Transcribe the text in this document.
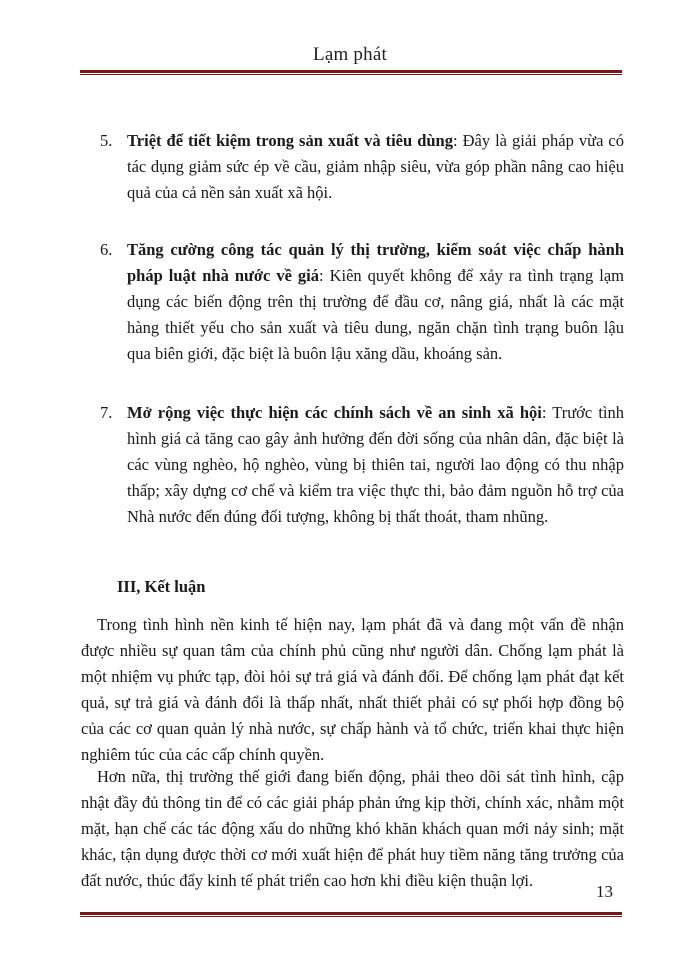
Lạm phát
5. Triệt để tiết kiệm trong sản xuất và tiêu dùng: Đây là giải pháp vừa có tác dụng giảm sức ép về cầu, giảm nhập siêu, vừa góp phần nâng cao hiệu quả của cả nền sản xuất xã hội.
6. Tăng cường công tác quản lý thị trường, kiểm soát việc chấp hành pháp luật nhà nước về giá: Kiên quyết không để xảy ra tình trạng lạm dụng các biến động trên thị trường để đầu cơ, nâng giá, nhất là các mặt hàng thiết yếu cho sản xuất và tiêu dung, ngăn chặn tình trạng buôn lậu qua biên giới, đặc biệt là buôn lậu xăng dầu, khoáng sản.
7. Mở rộng việc thực hiện các chính sách về an sinh xã hội: Trước tình hình giá cả tăng cao gây ảnh hưởng đến đời sống của nhân dân, đặc biệt là các vùng nghèo, hộ nghèo, vùng bị thiên tai, người lao động có thu nhập thấp; xây dựng cơ chế và kiểm tra việc thực thi, bảo đảm nguồn hỗ trợ của Nhà nước đến đúng đối tượng, không bị thất thoát, tham nhũng.
III, Kết luận
Trong tình hình nền kinh tế hiện nay, lạm phát đã và đang một vấn đề nhận được nhiều sự quan tâm của chính phủ cũng như người dân. Chống lạm phát là một nhiệm vụ phức tạp, đòi hỏi sự trả giá và đánh đổi. Để chống lạm phát đạt kết quả, sự trả giá và đánh đổi là thấp nhất, nhất thiết phải có sự phối hợp đồng bộ của các cơ quan quản lý nhà nước, sự chấp hành và tổ chức, triển khai thực hiện nghiêm túc của các cấp chính quyền.
Hơn nữa, thị trường thế giới đang biến động, phải theo dõi sát tình hình, cập nhật đầy đủ thông tin để có các giải pháp phản ứng kịp thời, chính xác, nhằm một mặt, hạn chế các tác động xấu do những khó khăn khách quan mới nảy sinh; mặt khác, tận dụng được thời cơ mới xuất hiện để phát huy tiềm năng tăng trưởng của đất nước, thúc đẩy kinh tế phát triển cao hơn khi điều kiện thuận lợi.
13
